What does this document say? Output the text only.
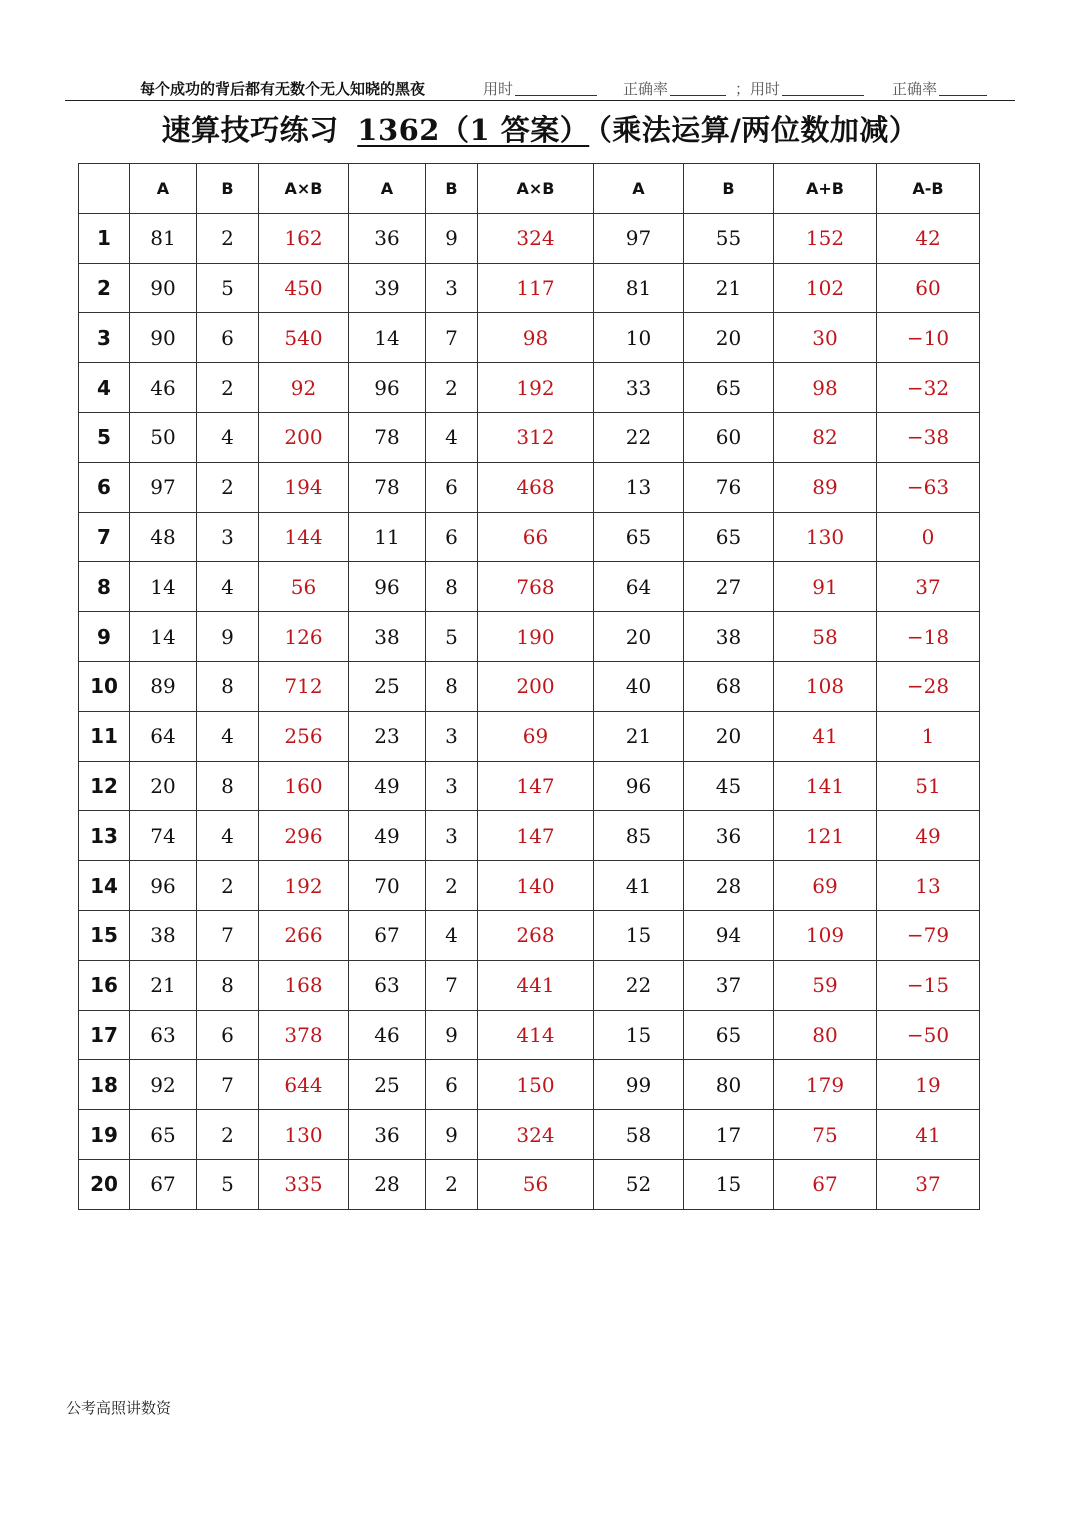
每个成功的背后都有无数个无人知晓的黑夜	用时	正确率	；用时	正确率
速算技巧练习 1362（1 答案） （乘法运算/两位数加减）
	A	B	A×B	A	B	A×B	A	B	A+B	A-B
1	81	2	162	36	9	324	97	55	152	42
2	90	5	450	39	3	117	81	21	102	60
3	90	6	540	14	7	98	10	20	30	−10
4	46	2	92	96	2	192	33	65	98	−32
5	50	4	200	78	4	312	22	60	82	−38
6	97	2	194	78	6	468	13	76	89	−63
7	48	3	144	11	6	66	65	65	130	0
8	14	4	56	96	8	768	64	27	91	37
9	14	9	126	38	5	190	20	38	58	−18
10	89	8	712	25	8	200	40	68	108	−28
11	64	4	256	23	3	69	21	20	41	1
12	20	8	160	49	3	147	96	45	141	51
13	74	4	296	49	3	147	85	36	121	49
14	96	2	192	70	2	140	41	28	69	13
15	38	7	266	67	4	268	15	94	109	−79
16	21	8	168	63	7	441	22	37	59	−15
17	63	6	378	46	9	414	15	65	80	−50
18	92	7	644	25	6	150	99	80	179	19
19	65	2	130	36	9	324	58	17	75	41
20	67	5	335	28	2	56	52	15	67	37
公考高照讲数资
